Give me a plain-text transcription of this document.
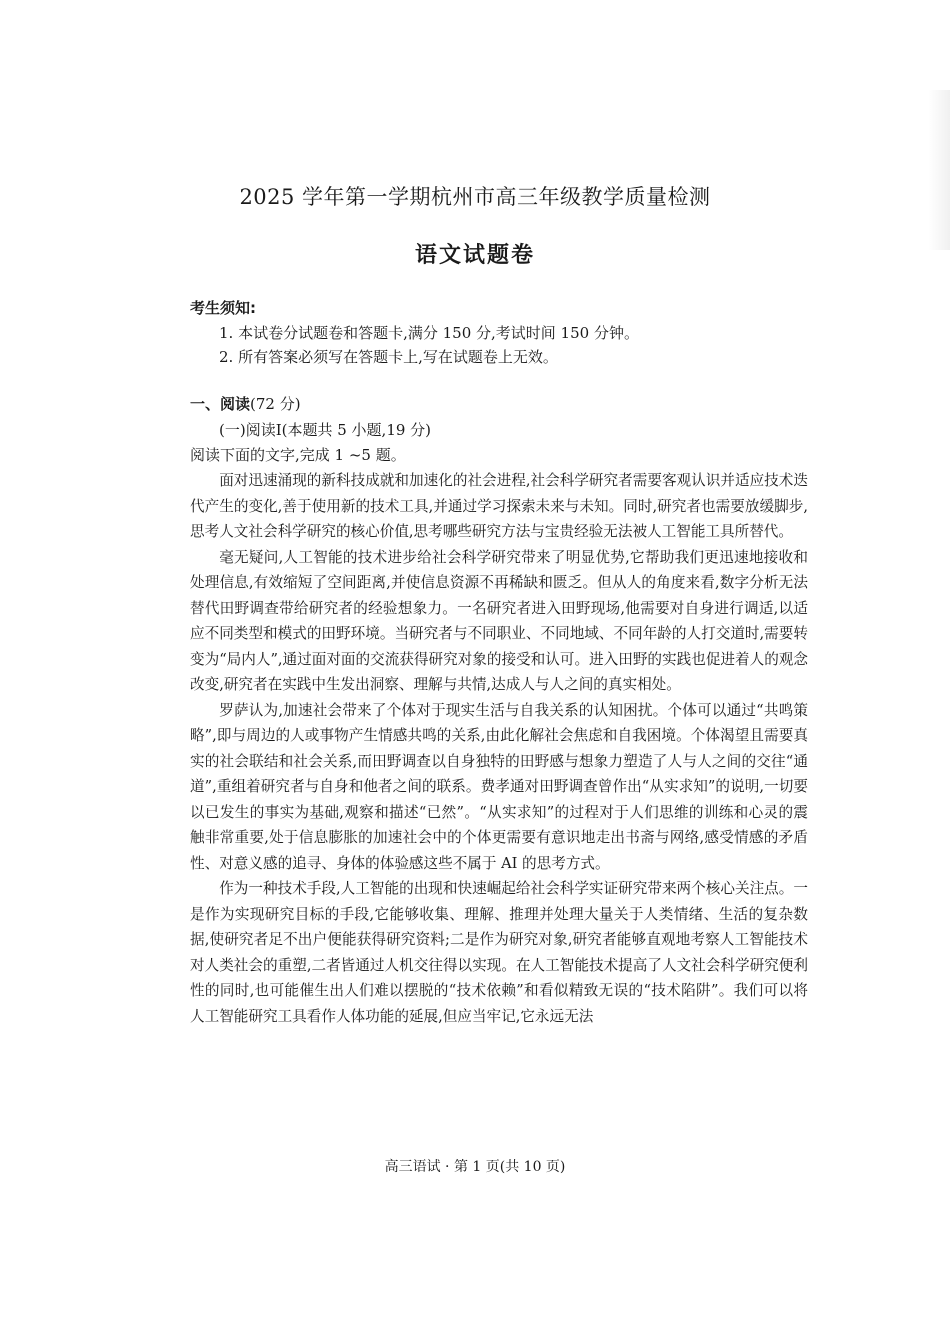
2025 学年第一学期杭州市高三年级教学质量检测
语文试题卷
考生须知:
1. 本试卷分试题卷和答题卡,满分 150 分,考试时间 150 分钟。
2. 所有答案必须写在答题卡上,写在试题卷上无效。
一、阅读(72 分)
(一)阅读Ⅰ(本题共 5 小题,19 分)
阅读下面的文字,完成 1 ~5 题。

面对迅速涌现的新科技成就和加速化的社会进程,社会科学研究者需要客观认识并适应技术迭代产生的变化,善于使用新的技术工具,并通过学习探索未来与未知。同时,研究者也需要放缓脚步,思考人文社会科学研究的核心价值,思考哪些研究方法与宝贵经验无法被人工智能工具所替代。

毫无疑问,人工智能的技术进步给社会科学研究带来了明显优势,它帮助我们更迅速地接收和处理信息,有效缩短了空间距离,并使信息资源不再稀缺和匮乏。但从人的角度来看,数字分析无法替代田野调查带给研究者的经验想象力。一名研究者进入田野现场,他需要对自身进行调适,以适应不同类型和模式的田野环境。当研究者与不同职业、不同地域、不同年龄的人打交道时,需要转变为“局内人”,通过面对面的交流获得研究对象的接受和认可。进入田野的实践也促进着人的观念改变,研究者在实践中生发出洞察、理解与共情,达成人与人之间的真实相处。

罗萨认为,加速社会带来了个体对于现实生活与自我关系的认知困扰。个体可以通过“共鸣策略”,即与周边的人或事物产生情感共鸣的关系,由此化解社会焦虑和自我困境。个体渴望且需要真实的社会联结和社会关系,而田野调查以自身独特的田野感与想象力塑造了人与人之间的交往“通道”,重组着研究者与自身和他者之间的联系。费孝通对田野调查曾作出“从实求知”的说明,一切要以已发生的事实为基础,观察和描述“已然”。“从实求知”的过程对于人们思维的训练和心灵的震触非常重要,处于信息膨胀的加速社会中的个体更需要有意识地走出书斋与网络,感受情感的矛盾性、对意义感的追寻、身体的体验感这些不属于 AI 的思考方式。

作为一种技术手段,人工智能的出现和快速崛起给社会科学实证研究带来两个核心关注点。一是作为实现研究目标的手段,它能够收集、理解、推理并处理大量关于人类情绪、生活的复杂数据,使研究者足不出户便能获得研究资料;二是作为研究对象,研究者能够直观地考察人工智能技术对人类社会的重塑,二者皆通过人机交往得以实现。在人工智能技术提高了人文社会科学研究便利性的同时,也可能催生出人们难以摆脱的“技术依赖”和看似精致无误的“技术陷阱”。我们可以将人工智能研究工具看作人体功能的延展,但应当牢记,它永远无法

高三语试 · 第 1 页(共 10 页)
